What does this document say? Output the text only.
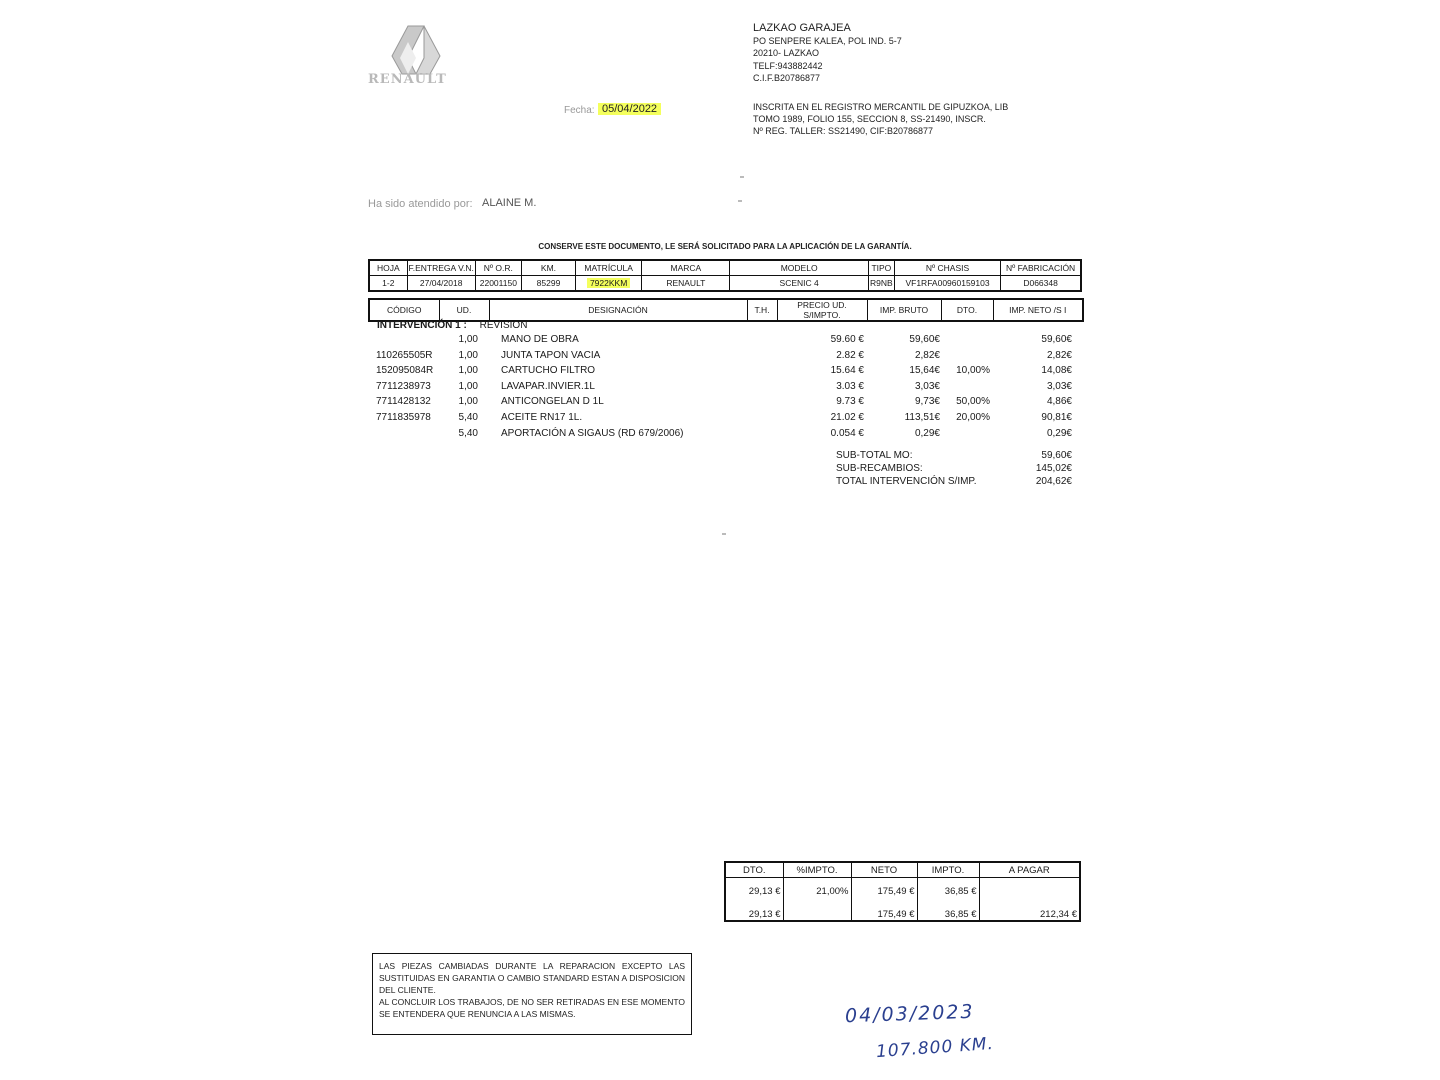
RENAULT
LAZKAO GARAJEA
PO SENPERE KALEA, POL IND. 5-7
20210- LAZKAO
TELF:943882442
C.I.F.B20786877
INSCRITA EN EL REGISTRO MERCANTIL DE GIPUZKOA, LIB
TOMO 1989, FOLIO 155, SECCION 8, SS-21490, INSCR.
Nº REG. TALLER: SS21490, CIF:B20786877
Fecha: 05/04/2022
Ha sido atendido por: ALAINE M.
CONSERVE ESTE DOCUMENTO, LE SERÁ SOLICITADO PARA LA APLICACIÓN DE LA GARANTÍA.
HOJA	F.ENTREGA V.N.	Nº O.R.	KM.	MATRÍCULA	MARCA	MODELO	TIPO	Nº CHASIS	Nº FABRICACIÓN
1-2	27/04/2018	22001150	85299	7922KKM	RENAULT	SCENIC 4	R9NB	VF1RFA00960159103	D066348
CÓDIGO	UD.	DESIGNACIÓN	T.H.	PRECIO UD. S/IMPTO.	IMP. BRUTO	DTO.	IMP. NETO /S I
INTERVENCIÓN 1 : REVISION
1,00 MANO DE OBRA	59.60 €	59,60€	59,60€
110265505R	1,00 JUNTA TAPON VACIA	2.82 €	2,82€	2,82€
152095084R	1,00 CARTUCHO FILTRO	15.64 €	15,64€	10,00%	14,08€
7711238973	1,00 LAVAPAR.INVIER.1L	3.03 €	3,03€	3,03€
7711428132	1,00 ANTICONGELAN D 1L	9.73 €	9,73€	50,00%	4,86€
7711835978	5,40 ACEITE RN17 1L.	21.02 €	113,51€	20,00%	90,81€
5,40 APORTACIÓN A SIGAUS (RD 679/2006)	0.054 €	0,29€	0,29€
SUB-TOTAL MO:	59,60€
SUB-RECAMBIOS:	145,02€
TOTAL INTERVENCIÓN S/IMP.	204,62€
DTO.	%IMPTO.	NETO	IMPTO.	A PAGAR
29,13 €	21,00%	175,49 €	36,85 €	
29,13 €		175,49 €	36,85 €	212,34 €
LAS PIEZAS CAMBIADAS DURANTE LA REPARACION EXCEPTO LAS SUSTITUIDAS EN GARANTIA O CAMBIO STANDARD ESTAN A DISPOSICION DEL CLIENTE.
AL CONCLUIR LOS TRABAJOS, DE NO SER RETIRADAS EN ESE MOMENTO SE ENTENDERA QUE RENUNCIA A LAS MISMAS.	04/03/2023
107.800 KM.
